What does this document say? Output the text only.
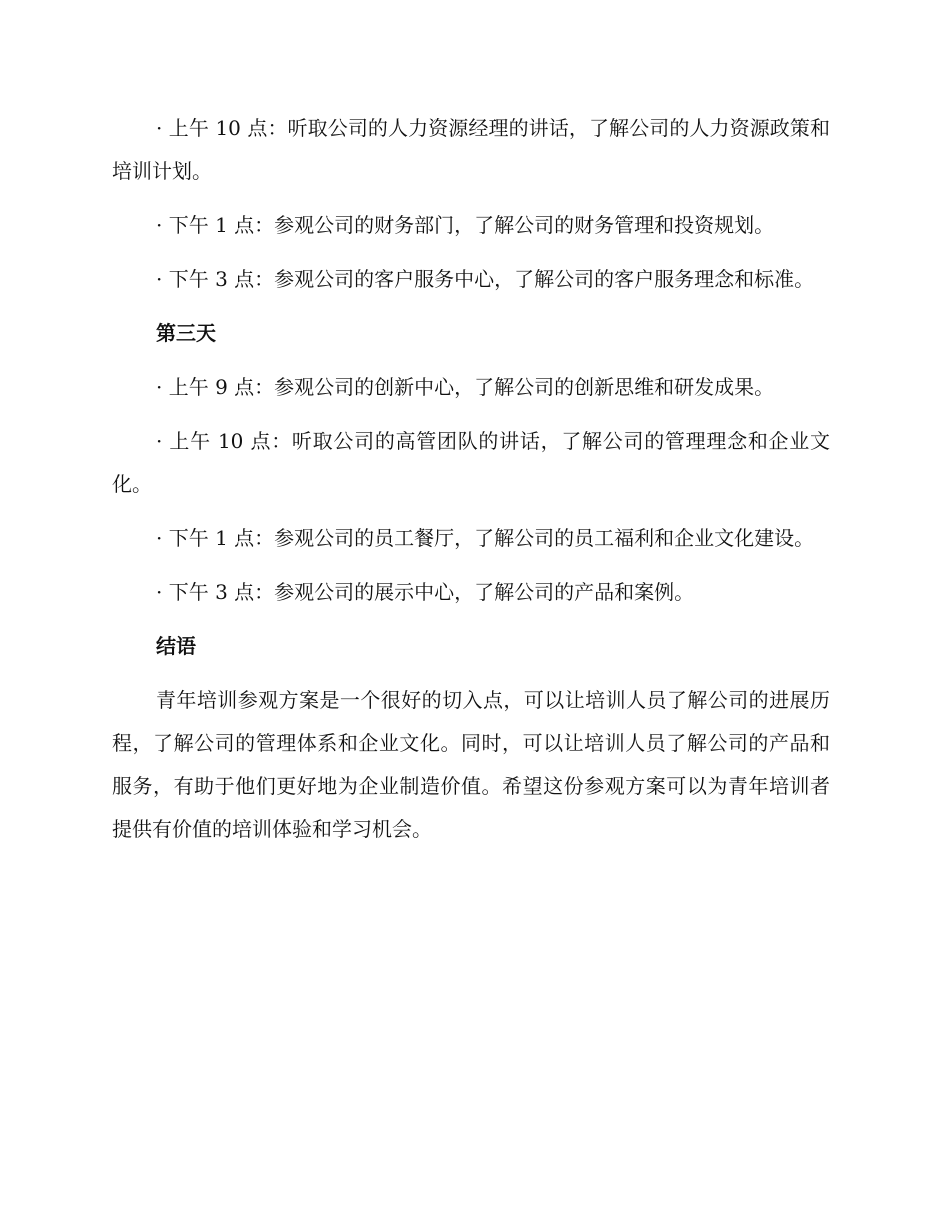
· 上午 10 点：听取公司的人力资源经理的讲话，了解公司的人力资源政策和培训计划。

· 下午 1 点：参观公司的财务部门，了解公司的财务管理和投资规划。

· 下午 3 点：参观公司的客户服务中心，了解公司的客户服务理念和标准。

第三天

· 上午 9 点：参观公司的创新中心，了解公司的创新思维和研发成果。

· 上午 10 点：听取公司的高管团队的讲话，了解公司的管理理念和企业文化。

· 下午 1 点：参观公司的员工餐厅，了解公司的员工福利和企业文化建设。

· 下午 3 点：参观公司的展示中心，了解公司的产品和案例。

结语

青年培训参观方案是一个很好的切入点，可以让培训人员了解公司的进展历程，了解公司的管理体系和企业文化。同时，可以让培训人员了解公司的产品和服务，有助于他们更好地为企业制造价值。希望这份参观方案可以为青年培训者提供有价值的培训体验和学习机会。
